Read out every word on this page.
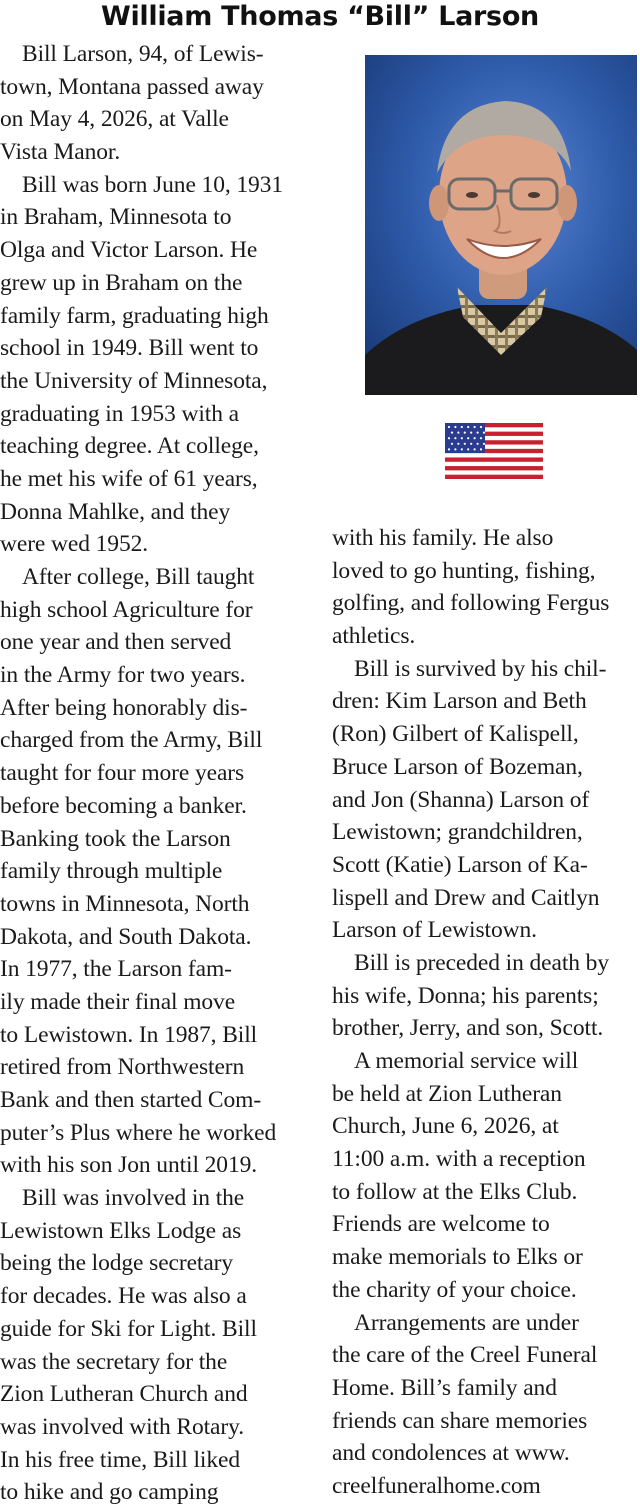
William Thomas “Bill” Larson
Bill Larson, 94, of Lewis-
town, Montana passed away
on May 4, 2026, at Valle
Vista Manor.
Bill was born June 10, 1931
in Braham, Minnesota to
Olga and Victor Larson. He
grew up in Braham on the
family farm, graduating high
school in 1949. Bill went to
the University of Minnesota,
graduating in 1953 with a
teaching degree. At college,
he met his wife of 61 years,
Donna Mahlke, and they
were wed 1952.
After college, Bill taught
high school Agriculture for
one year and then served
in the Army for two years.
After being honorably dis-
charged from the Army, Bill
taught for four more years
before becoming a banker.
Banking took the Larson
family through multiple
towns in Minnesota, North
Dakota, and South Dakota.
In 1977, the Larson fam-
ily made their final move
to Lewistown. In 1987, Bill
retired from Northwestern
Bank and then started Com-
puter’s Plus where he worked
with his son Jon until 2019.
Bill was involved in the
Lewistown Elks Lodge as
being the lodge secretary
for decades. He was also a
guide for Ski for Light. Bill
was the secretary for the
Zion Lutheran Church and
was involved with Rotary.
In his free time, Bill liked
to hike and go camping
with his family. He also
loved to go hunting, fishing,
golfing, and following Fergus
athletics.
Bill is survived by his chil-
dren: Kim Larson and Beth
(Ron) Gilbert of Kalispell,
Bruce Larson of Bozeman,
and Jon (Shanna) Larson of
Lewistown; grandchildren,
Scott (Katie) Larson of Ka-
lispell and Drew and Caitlyn
Larson of Lewistown.
Bill is preceded in death by
his wife, Donna; his parents;
brother, Jerry, and son, Scott.
A memorial service will
be held at Zion Lutheran
Church, June 6, 2026, at
11:00 a.m. with a reception
to follow at the Elks Club.
Friends are welcome to
make memorials to Elks or
the charity of your choice.
Arrangements are under
the care of the Creel Funeral
Home. Bill’s family and
friends can share memories
and condolences at www.
creelfuneralhome.com
